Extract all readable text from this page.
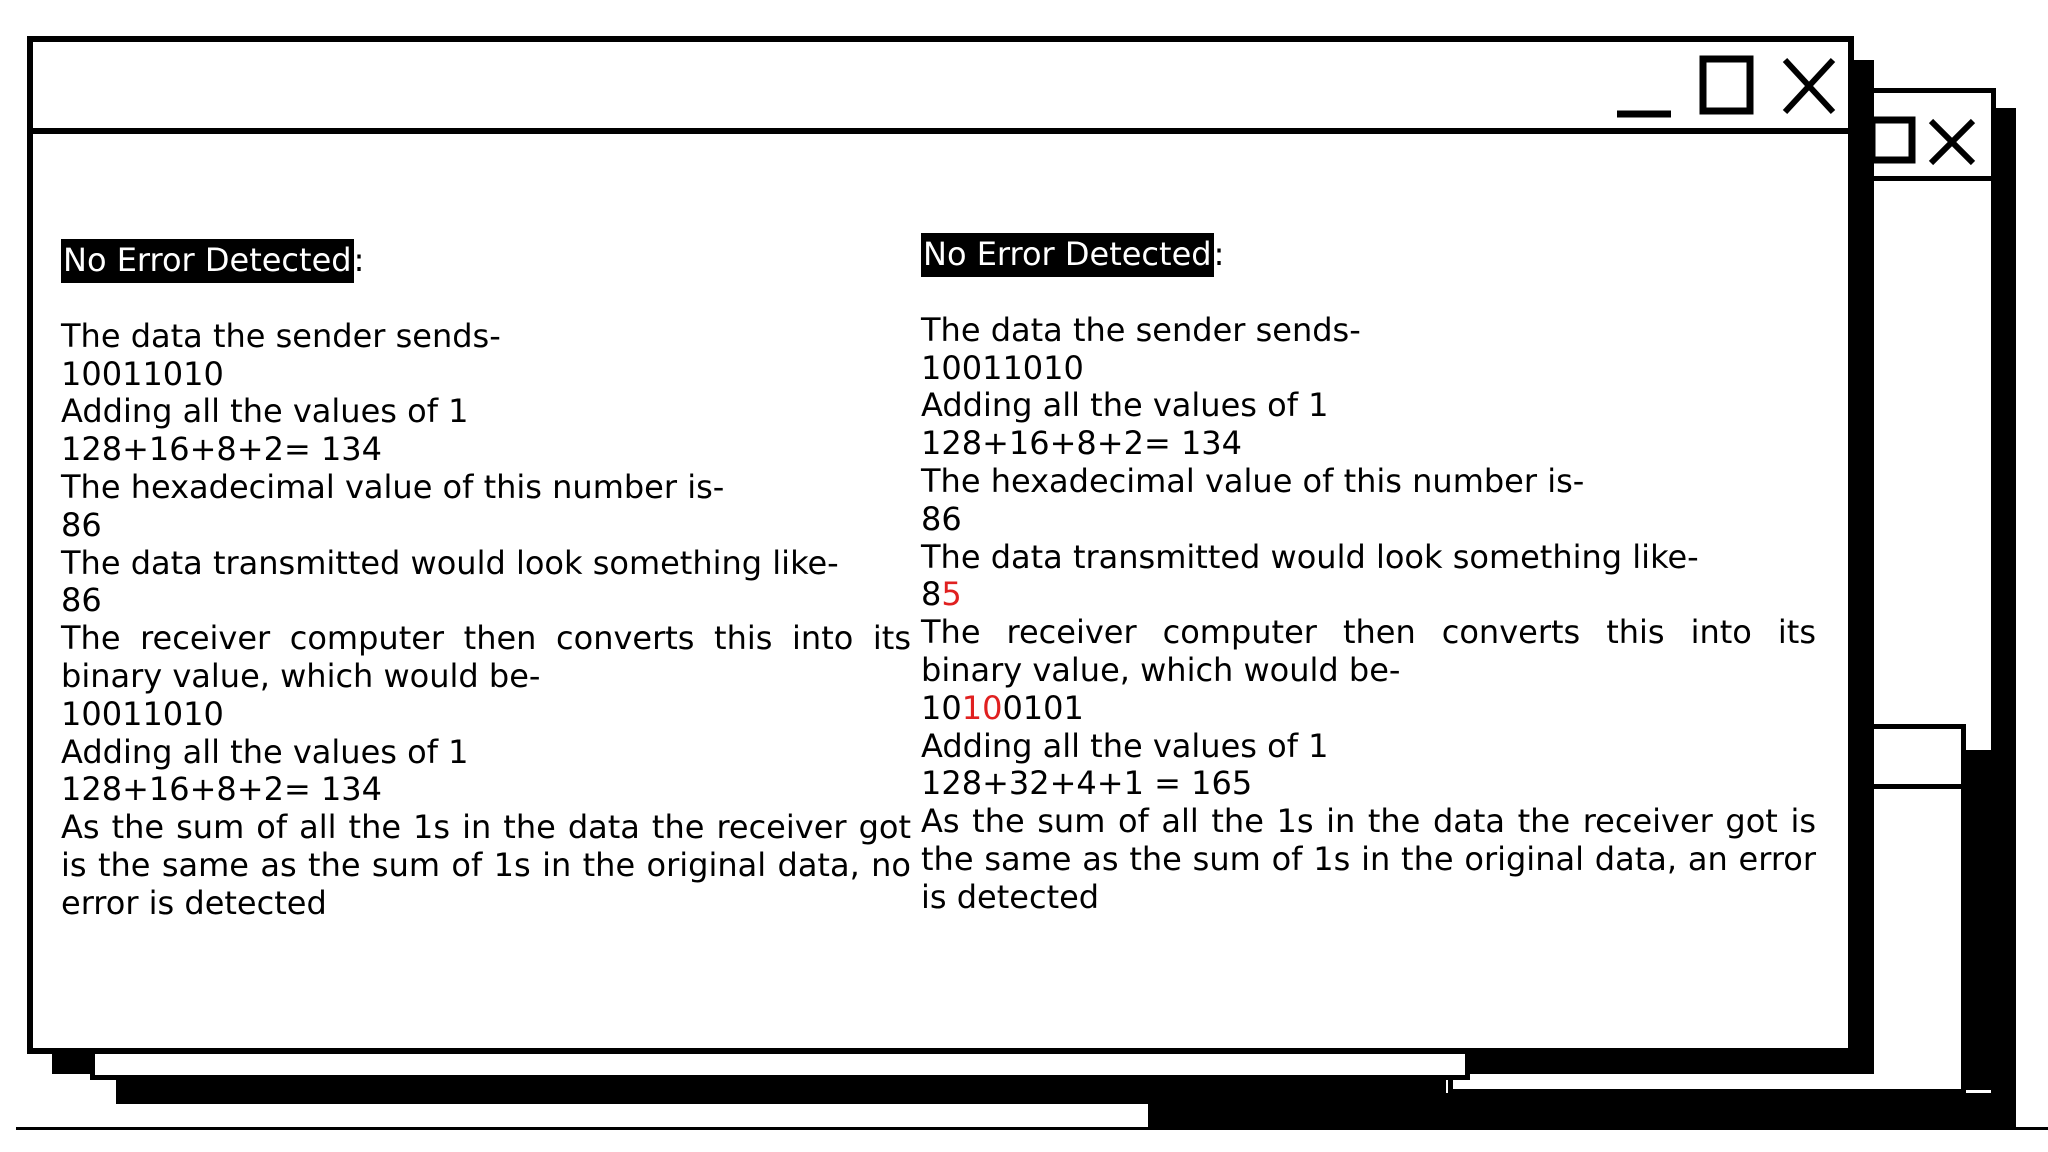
No Error Detected:

The data the sender sends-

10011010

Adding all the values of 1

128+16+8+2= 134

The hexadecimal value of this number is-

86

The data transmitted would look something like-

86

The receiver computer then converts this into its binary value, which would be-

10011010

Adding all the values of 1

128+16+8+2= 134

As the sum of all the 1s in the data the receiver got is the same as the sum of 1s in the original data, no error is detected

No Error Detected:

The data the sender sends-

10011010

Adding all the values of 1

128+16+8+2= 134

The hexadecimal value of this number is-

86

The data transmitted would look something like-

85

The receiver computer then converts this into its binary value, which would be-

10100101

Adding all the values of 1

128+32+4+1 = 165

As the sum of all the 1s in the data the receiver got is the same as the sum of 1s in the original data, an error is detected
